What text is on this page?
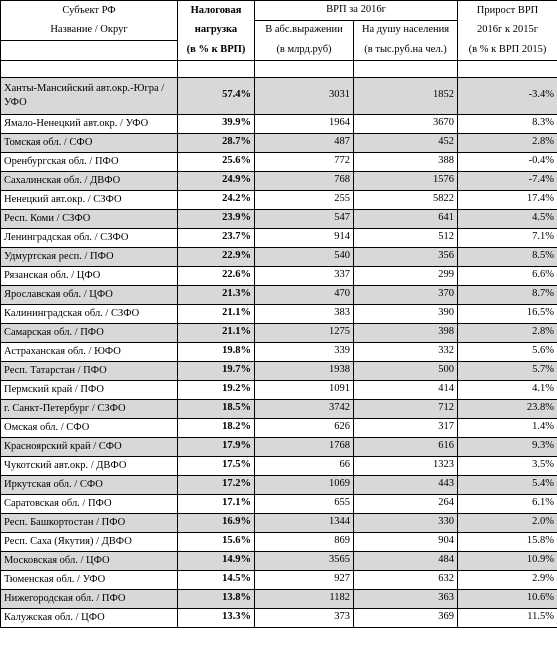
Субъект РФ	Налоговая	ВРП за 2016г		Прирост ВРП
Название / Округ	нагрузка	В абс.выражении	На душу населения	2016г к 2015г
	(в % к ВРП)	(в млрд.руб)	(в тыс.руб.на чел.)	(в % к ВРП 2015)

Ханты-Мансийский авт.окр.-Югра / УФО	57.4%	3031	1852	-3.4%
Ямало-Ненецкий авт.окр. / УФО	39.9%	1964	3670	8.3%
Томская обл. / СФО	28.7%	487	452	2.8%
Оренбургская обл. / ПФО	25.6%	772	388	-0.4%
Сахалинская обл. / ДВФО	24.9%	768	1576	-7.4%
Ненецкий авт.окр. / СЗФО	24.2%	255	5822	17.4%
Респ. Коми / СЗФО	23.9%	547	641	4.5%
Ленинградская обл. / СЗФО	23.7%	914	512	7.1%
Удмуртская респ. / ПФО	22.9%	540	356	8.5%
Рязанская обл. / ЦФО	22.6%	337	299	6.6%
Ярославская обл. / ЦФО	21.3%	470	370	8.7%
Калининградская обл. / СЗФО	21.1%	383	390	16.5%
Самарская обл. / ПФО	21.1%	1275	398	2.8%
Астраханская обл. / ЮФО	19.8%	339	332	5.6%
Респ. Татарстан / ПФО	19.7%	1938	500	5.7%
Пермский край / ПФО	19.2%	1091	414	4.1%
г. Санкт-Петербург / СЗФО	18.5%	3742	712	23.8%
Омская обл. / СФО	18.2%	626	317	1.4%
Красноярский край / СФО	17.9%	1768	616	9.3%
Чукотский авт.окр. / ДВФО	17.5%	66	1323	3.5%
Иркутская обл. / СФО	17.2%	1069	443	5.4%
Саратовская обл. / ПФО	17.1%	655	264	6.1%
Респ. Башкортостан / ПФО	16.9%	1344	330	2.0%
Респ. Саха (Якутия) / ДВФО	15.6%	869	904	15.8%
Московская обл. / ЦФО	14.9%	3565	484	10.9%
Тюменская обл. / УФО	14.5%	927	632	2.9%
Нижегородская обл. / ПФО	13.8%	1182	363	10.6%
Калужская обл. / ЦФО	13.3%	373	369	11.5%
